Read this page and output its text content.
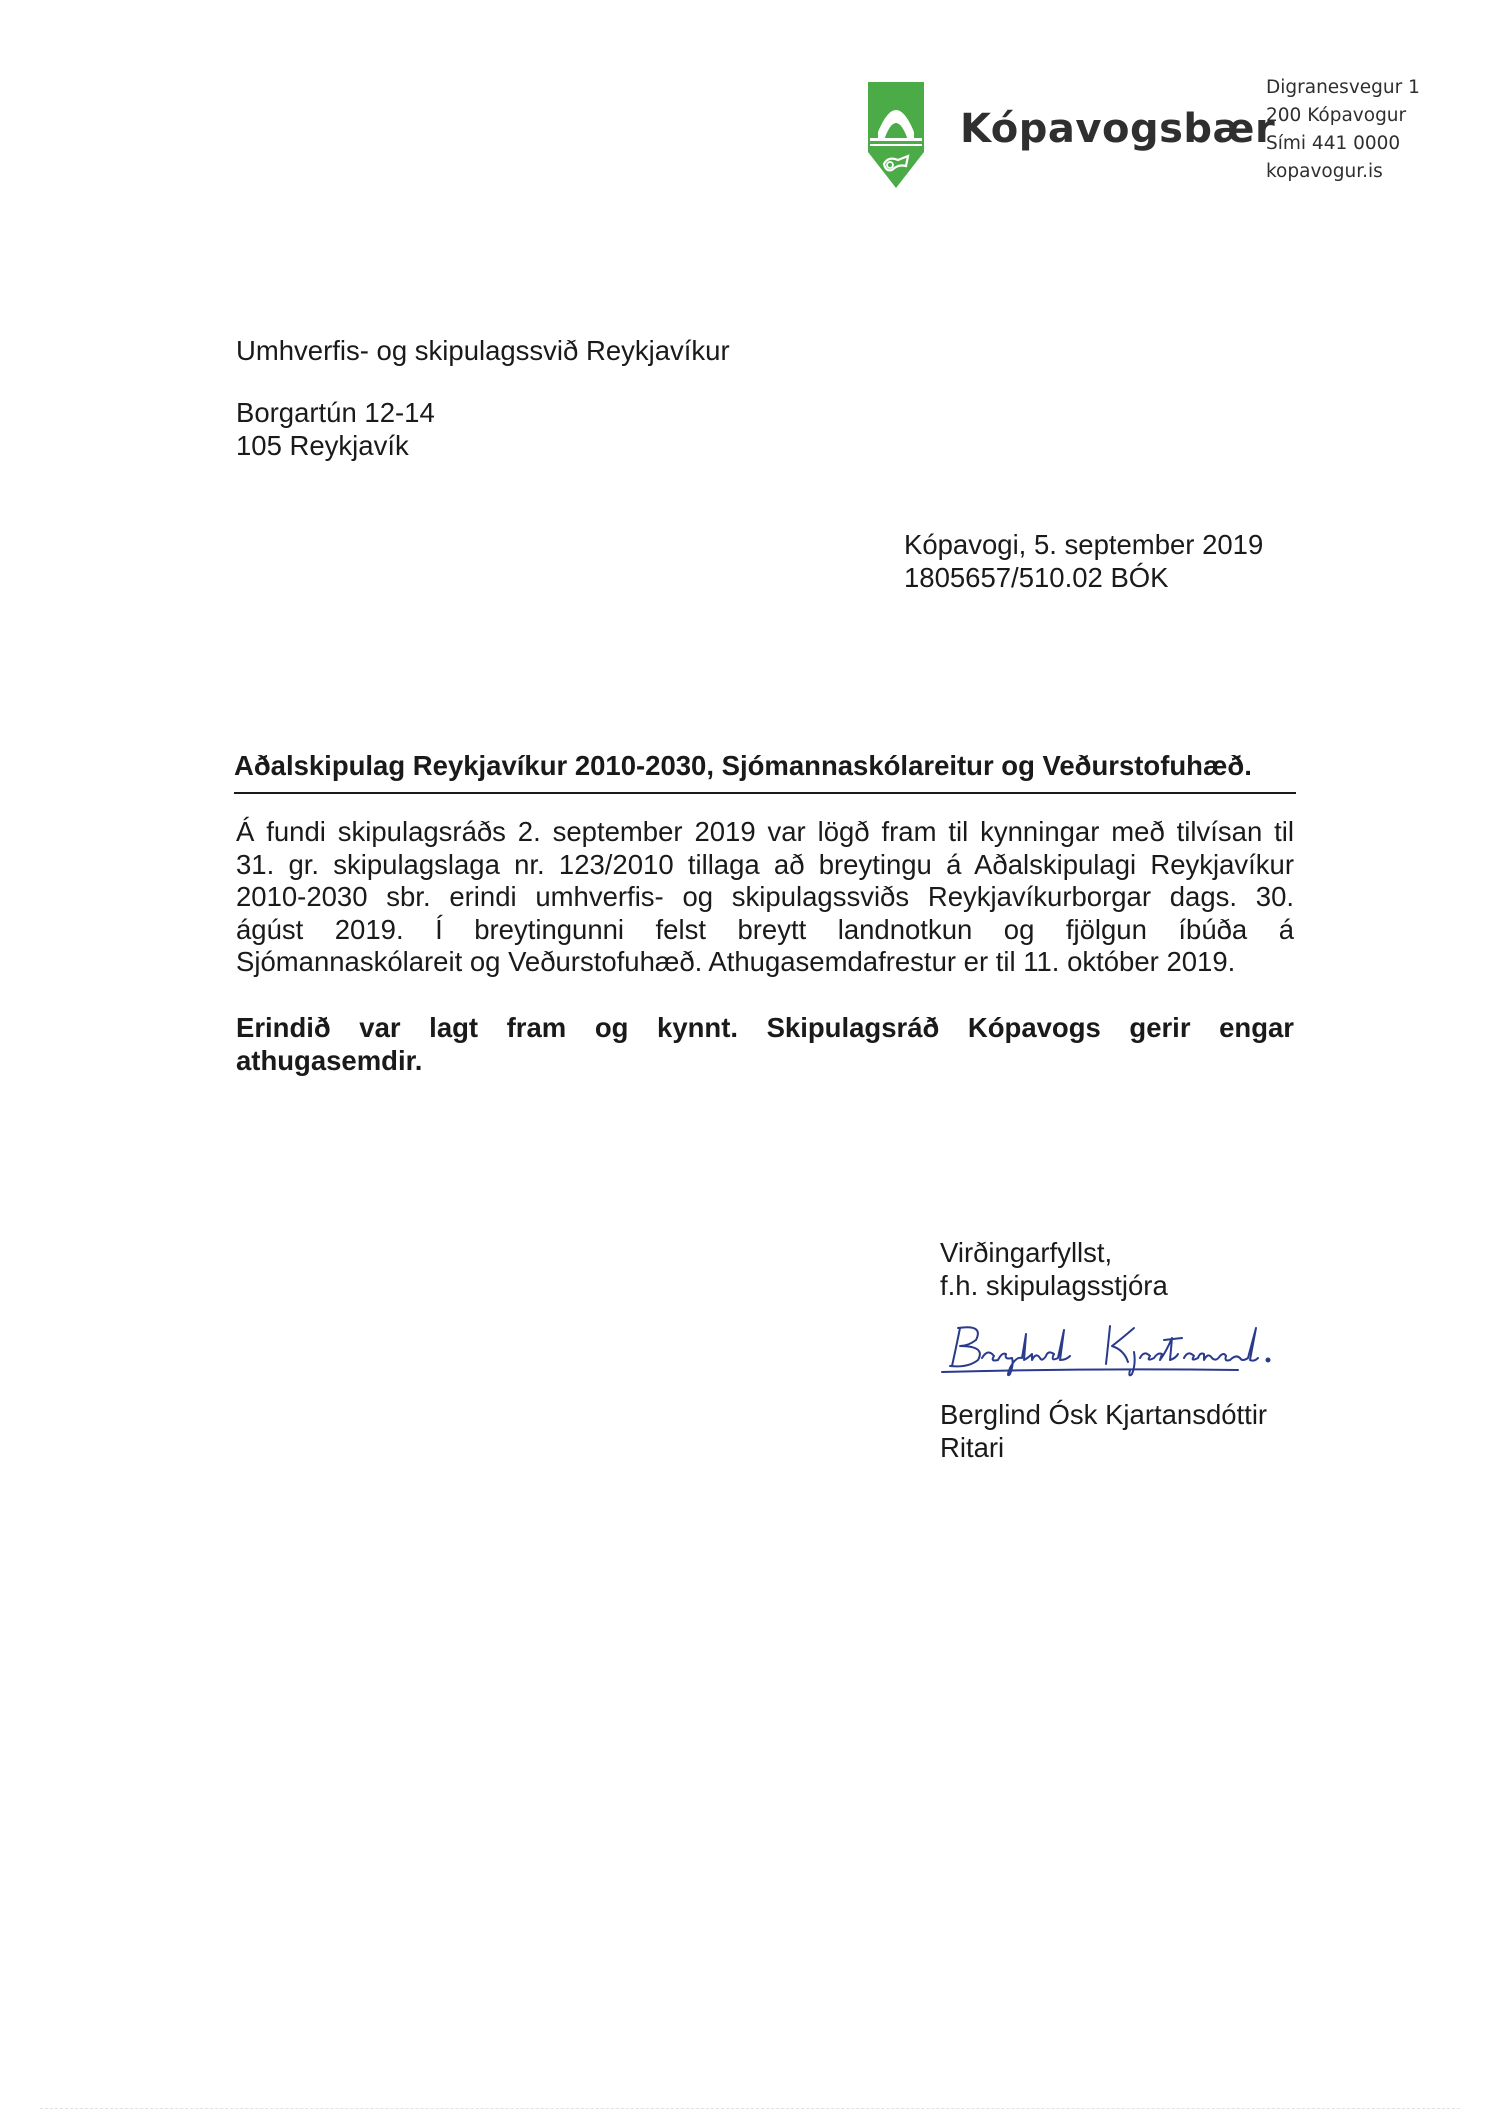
Kópavogsbær
Digranesvegur 1
200 Kópavogur
Sími 441 0000
kopavogur.is
Umhverfis- og skipulagssvið Reykjavíkur
Borgartún 12-14
105 Reykjavík
Kópavogi, 5. september 2019
1805657/510.02 BÓK
Aðalskipulag Reykjavíkur 2010-2030, Sjómannaskólareitur og Veðurstofuhæð.
Á fundi skipulagsráðs 2. september 2019 var lögð fram til kynningar með tilvísan til
31. gr. skipulagslaga nr. 123/2010 tillaga að breytingu á Aðalskipulagi Reykjavíkur
2010-2030 sbr. erindi umhverfis- og skipulagssviðs Reykjavíkurborgar dags. 30.
ágúst 2019. Í breytingunni felst breytt landnotkun og fjölgun íbúða á
Sjómannaskólareit og Veðurstofuhæð. Athugasemdafrestur er til 11. október 2019.
Erindið var lagt fram og kynnt. Skipulagsráð Kópavogs gerir engar
athugasemdir.
Virðingarfyllst,
f.h. skipulagsstjóra
Berglind Ósk Kjartansdóttir
Ritari
